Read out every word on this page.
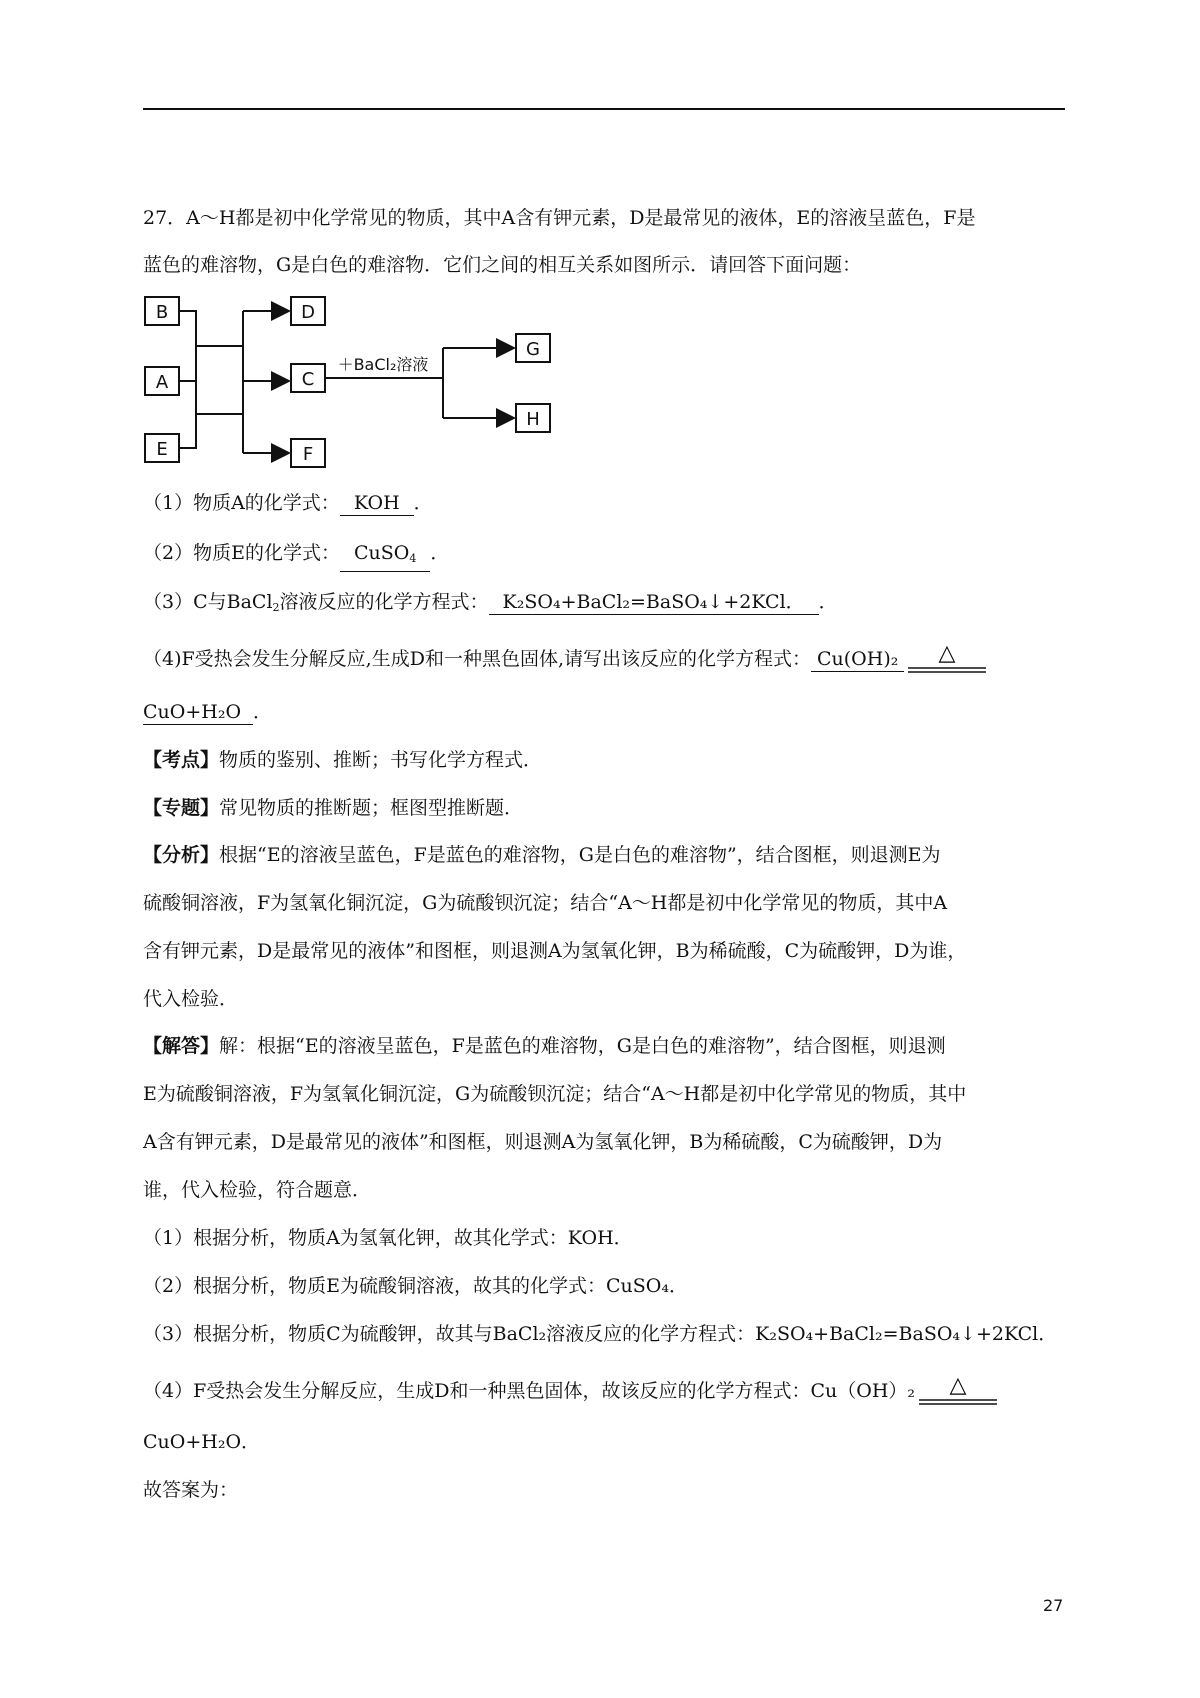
27．A～H都是初中化学常见的物质，其中A含有钾元素，D是最常见的液体，E的溶液呈蓝色，F是
蓝色的难溶物，G是白色的难溶物．它们之间的相互关系如图所示．请回答下面问题：
B
A
E
D
C
F
G
H
＋BaCl₂溶液
（1）物质A的化学式： KOH ．
（2）物质E的化学式： CuSO$_4$ ．
（3）C与BaCl$_2$溶液反应的化学方程式： K₂SO₄+BaCl₂=BaSO₄↓+2KCl． ．
（4)F受热会发生分解反应,生成D和一种黑色固体,请写出该反应的化学方程式： Cu(OH)₂ △
CuO+H₂O ．
【考点】物质的鉴别、推断；书写化学方程式．
【专题】常见物质的推断题；框图型推断题．
【分析】根据“E的溶液呈蓝色，F是蓝色的难溶物，G是白色的难溶物”，结合图框，则退测E为
硫酸铜溶液，F为氢氧化铜沉淀，G为硫酸钡沉淀；结合“A～H都是初中化学常见的物质，其中A
含有钾元素，D是最常见的液体”和图框，则退测A为氢氧化钾，B为稀硫酸，C为硫酸钾，D为谁，
代入检验．
【解答】解：根据“E的溶液呈蓝色，F是蓝色的难溶物，G是白色的难溶物”，结合图框，则退测
E为硫酸铜溶液，F为氢氧化铜沉淀，G为硫酸钡沉淀；结合“A～H都是初中化学常见的物质，其中
A含有钾元素，D是最常见的液体”和图框，则退测A为氢氧化钾，B为稀硫酸，C为硫酸钾，D为
谁，代入检验，符合题意．
（1）根据分析，物质A为氢氧化钾，故其化学式：KOH．
（2）根据分析，物质E为硫酸铜溶液，故其的化学式：CuSO₄．
（3）根据分析，物质C为硫酸钾，故其与BaCl₂溶液反应的化学方程式：K₂SO₄+BaCl₂=BaSO₄↓+2KCl．
（4）F受热会发生分解反应，生成D和一种黑色固体，故该反应的化学方程式：Cu（OH）₂ △
CuO+H₂O．
故答案为：
27
